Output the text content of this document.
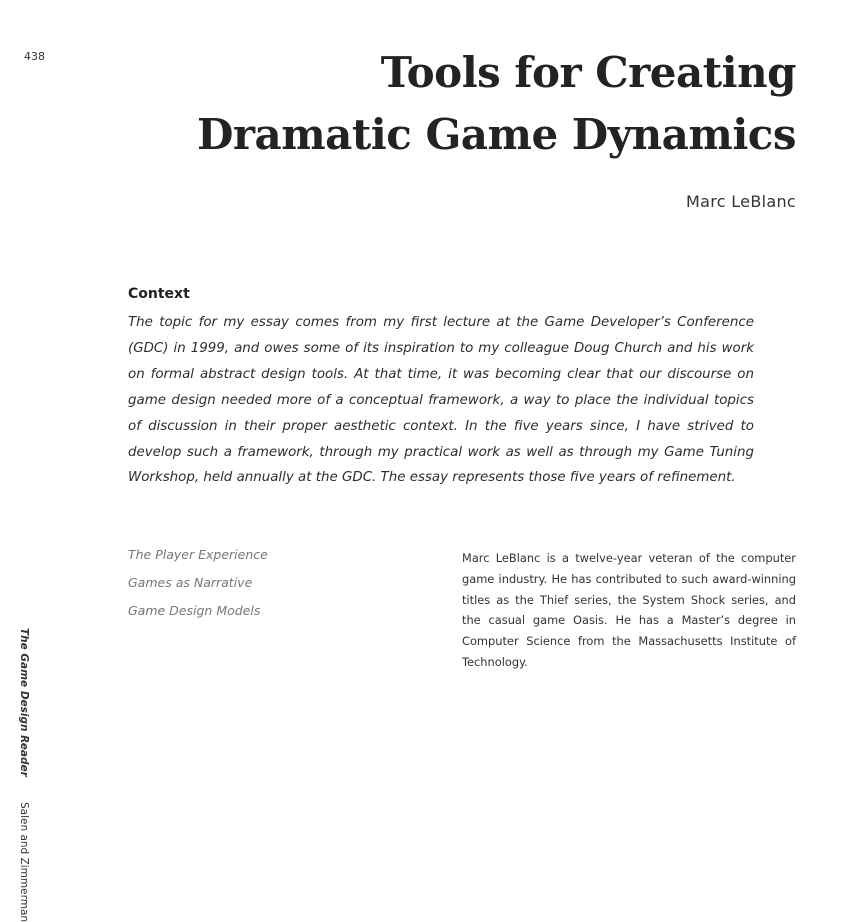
438	Tools for Creating
Dramatic Game Dynamics
Marc LeBlanc
Context

The topic for my essay comes from my first lecture at the Game Developer’s Conference (GDC) in 1999, and owes some of its inspiration to my colleague Doug Church and his work on formal abstract design tools. At that time, it was becoming clear that our discourse on game design needed more of a conceptual framework, a way to place the individual topics of discussion in their proper aesthetic context. In the five years since, I have strived to develop such a framework, through my practical work as well as through my Game Tuning Workshop, held annually at the GDC. The essay represents those five years of refinement.

The Player Experience
Games as Narrative
Game Design Models

Marc LeBlanc is a twelve-year veteran of the computer game industry. He has contributed to such award-winning titles as the Thief series, the System Shock series, and the casual game Oasis. He has a Master’s degree in Computer Science from the Massachusetts Institute of Technology.

The Game Design Reader Salen and Zimmerman
